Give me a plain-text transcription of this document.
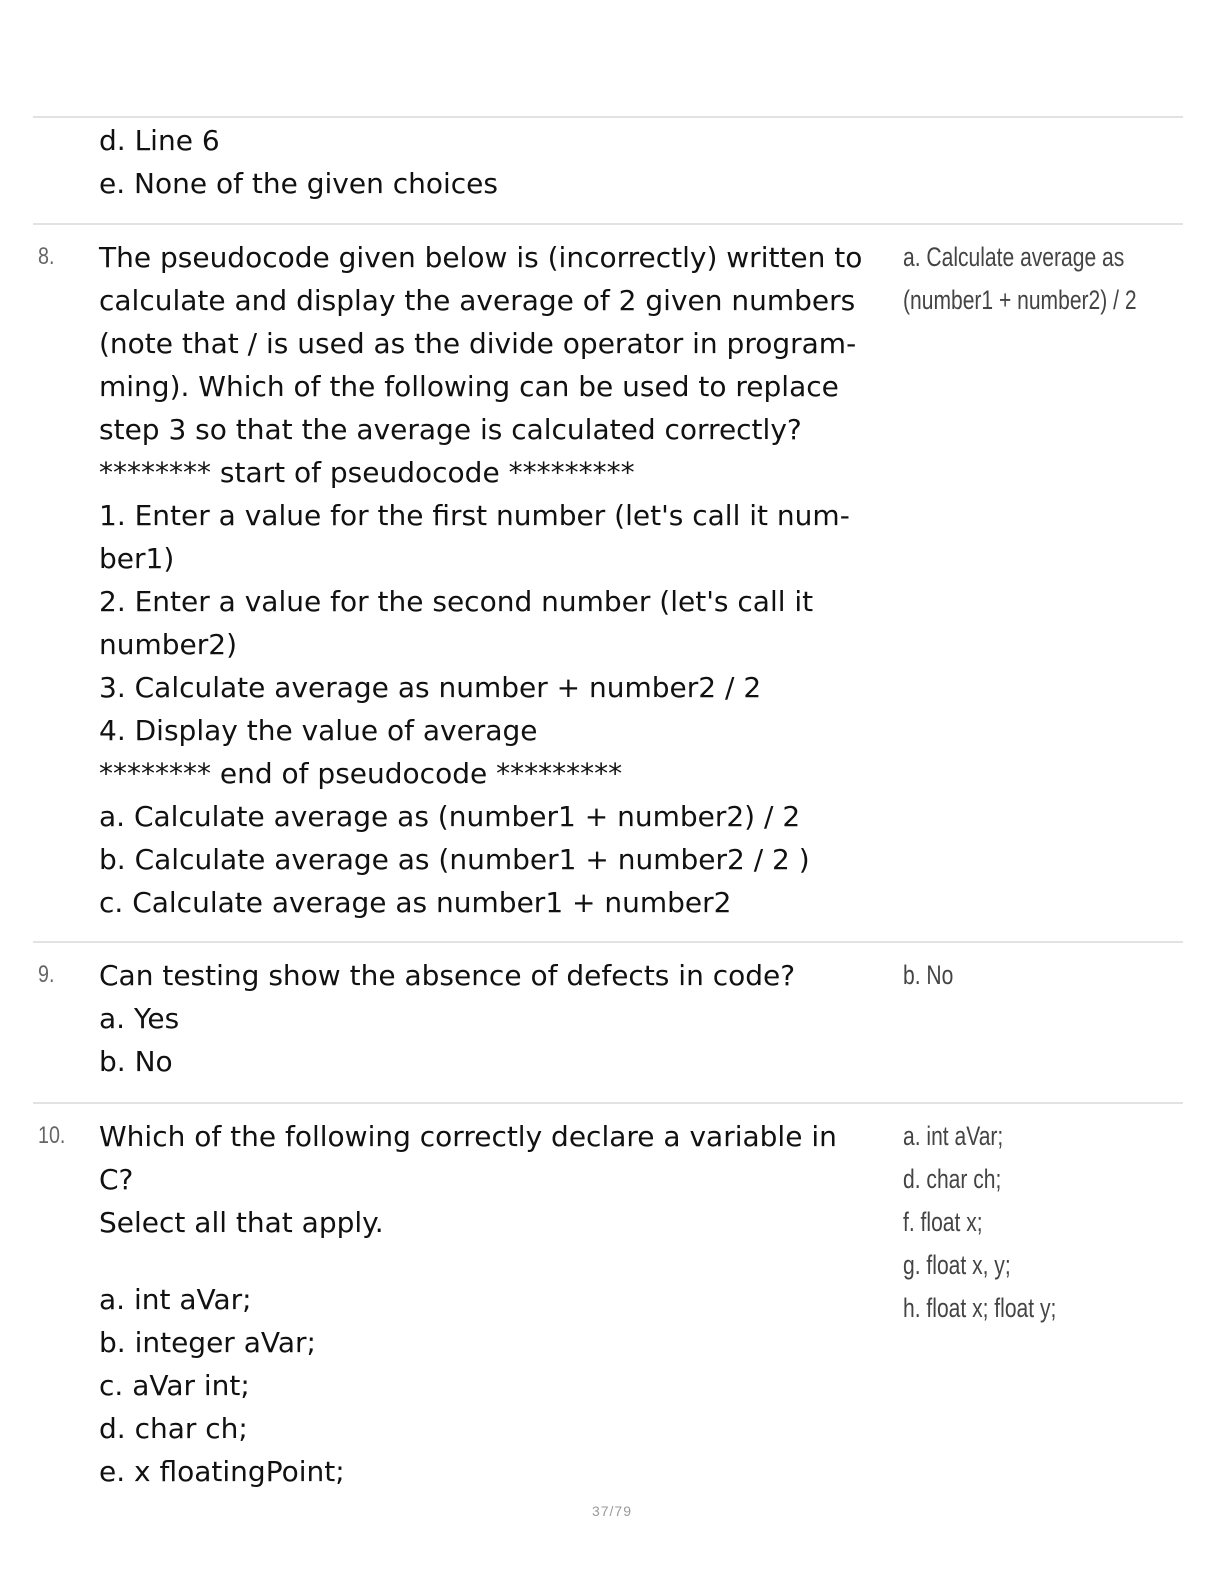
d. Line 6
e. None of the given choices
8.	The pseudocode given below is (incorrectly) written to
calculate and display the average of 2 given numbers
(note that / is used as the divide operator in program-
ming). Which of the following can be used to replace
step 3 so that the average is calculated correctly?
******** start of pseudocode *********
1. Enter a value for the first number (let's call it num-
ber1)
2. Enter a value for the second number (let's call it
number2)
3. Calculate average as number + number2 / 2
4. Display the value of average
******** end of pseudocode *********
a. Calculate average as (number1 + number2) / 2
b. Calculate average as (number1 + number2 / 2 )
c. Calculate average as number1 + number2
a. Calculate average as
(number1 + number2) / 2
9.	Can testing show the absence of defects in code?
a. Yes
b. No
b. No
10. Which of the following correctly declare a variable in
C?
Select all that apply.
a. int aVar;
b. integer aVar;
c. aVar int;
d. char ch;
e. x floatingPoint;
a. int aVar;
d. char ch;
f. float x;
g. float x, y;
h. float x; float y;
37/79
